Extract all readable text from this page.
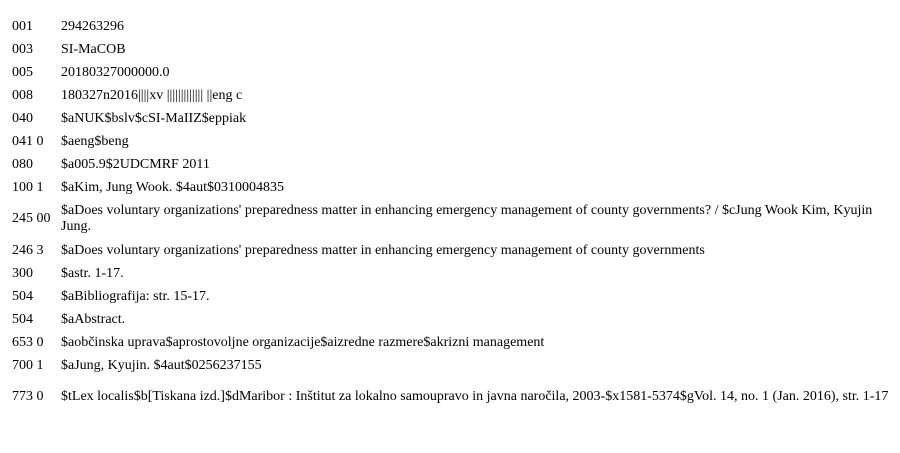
001	294263296
003	SI-MaCOB
005	20180327000000.0
008	180327n2016||||xv ||||||||||||| ||eng c
040	$aNUK$bslv$cSI-MaIIZ$eppiak
041 0	$aeng$beng
080	$a005.9$2UDCMRF 2011
100 1	$aKim, Jung Wook. $4aut$0310004835
245 00	$aDoes voluntary organizations' preparedness matter in enhancing emergency management of county governments? / $cJung Wook Kim, Kyujin Jung.
246 3	$aDoes voluntary organizations' preparedness matter in enhancing emergency management of county governments
300	$astr. 1-17.
504	$aBibliografija: str. 15-17.
504	$aAbstract.
653 0	$aobčinska uprava$aprostovoljne organizacije$aizredne razmere$akrizni management
700 1	$aJung, Kyujin. $4aut$0256237155
773 0	$tLex localis$b[Tiskana izd.]$dMaribor : Inštitut za lokalno samoupravo in javna naročila, 2003-$x1581-5374$gVol. 14, no. 1 (Jan. 2016), str. 1-17
